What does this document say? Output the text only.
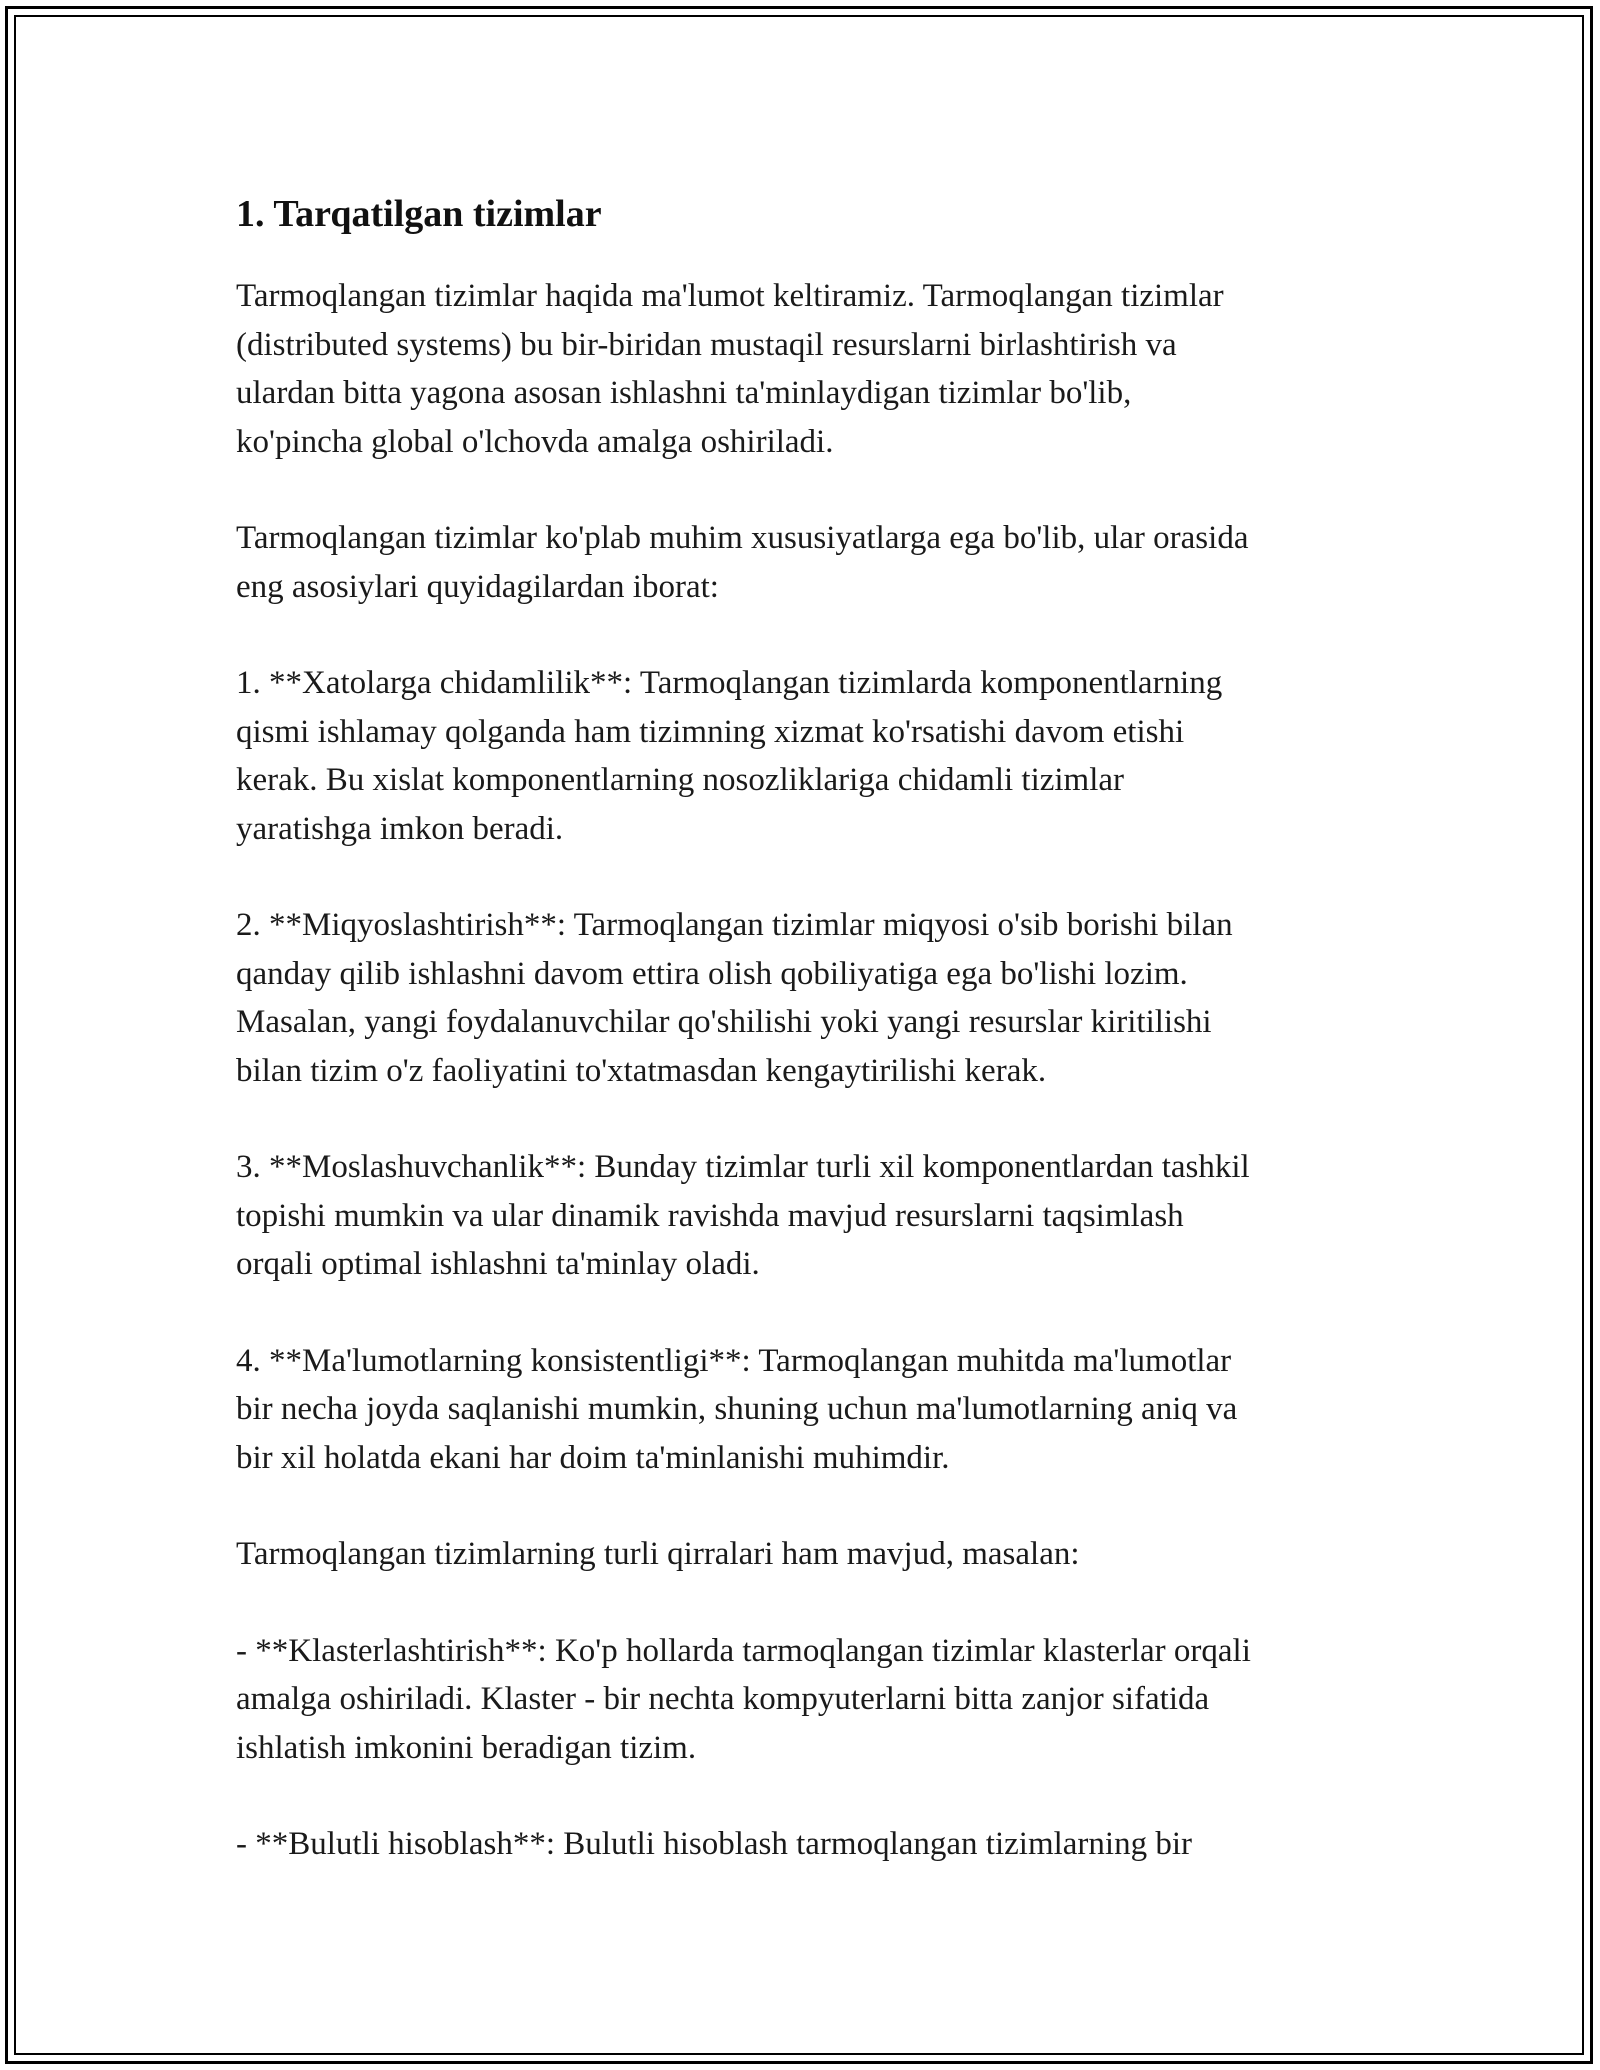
1. Tarqatilgan tizimlar

Tarmoqlangan tizimlar haqida ma'lumot keltiramiz. Tarmoqlangan tizimlar
(distributed systems) bu bir-biridan mustaqil resurslarni birlashtirish va
ulardan bitta yagona asosan ishlashni ta'minlaydigan tizimlar bo'lib,
ko'pincha global o'lchovda amalga oshiriladi.

Tarmoqlangan tizimlar ko'plab muhim xususiyatlarga ega bo'lib, ular orasida
eng asosiylari quyidagilardan iborat:

1. **Xatolarga chidamlilik**: Tarmoqlangan tizimlarda komponentlarning
qismi ishlamay qolganda ham tizimning xizmat ko'rsatishi davom etishi
kerak. Bu xislat komponentlarning nosozliklariga chidamli tizimlar
yaratishga imkon beradi.

2. **Miqyoslashtirish**: Tarmoqlangan tizimlar miqyosi o'sib borishi bilan
qanday qilib ishlashni davom ettira olish qobiliyatiga ega bo'lishi lozim.
Masalan, yangi foydalanuvchilar qo'shilishi yoki yangi resurslar kiritilishi
bilan tizim o'z faoliyatini to'xtatmasdan kengaytirilishi kerak.

3. **Moslashuvchanlik**: Bunday tizimlar turli xil komponentlardan tashkil
topishi mumkin va ular dinamik ravishda mavjud resurslarni taqsimlash
orqali optimal ishlashni ta'minlay oladi.

4. **Ma'lumotlarning konsistentligi**: Tarmoqlangan muhitda ma'lumotlar
bir necha joyda saqlanishi mumkin, shuning uchun ma'lumotlarning aniq va
bir xil holatda ekani har doim ta'minlanishi muhimdir.

Tarmoqlangan tizimlarning turli qirralari ham mavjud, masalan:

- **Klasterlashtirish**: Ko'p hollarda tarmoqlangan tizimlar klasterlar orqali
amalga oshiriladi. Klaster - bir nechta kompyuterlarni bitta zanjor sifatida
ishlatish imkonini beradigan tizim.

- **Bulutli hisoblash**: Bulutli hisoblash tarmoqlangan tizimlarning bir
